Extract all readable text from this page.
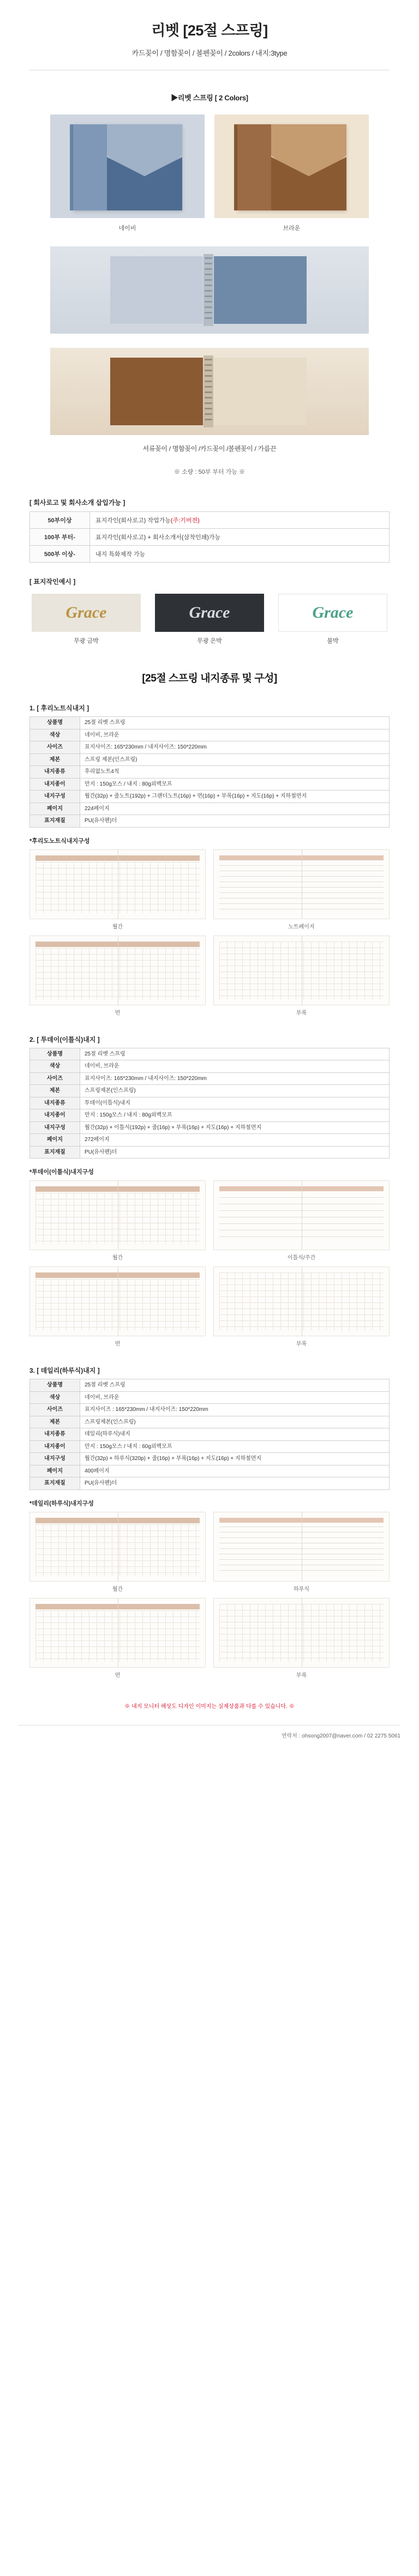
리벳 [25절 스프링]
카드꽂이 / 명함꽂이 / 볼펜꽂이 / 2colors / 내지:3type
▶리벳 스프링 [ 2 Colors]
네이비	브라운
서류꽂이 / 명함꽂이 /카드꽂이 /볼펜꽂이 / 가름끈
※ 소량 : 50부 부터 가능 ※
[ 회사로고 및 회사소개 삽입가능 ]
50부이상	표지각인(회사로고) 작업가능(주:기버젼)
100부 부터-	표지각인(회사로고) + 회사소개서(삼착인쇄)가능
500부 이상-	내지 특화제작 가능
[ 표지작인예시 ]
Grace
무광 금박
Grace
무광 은박
Grace
불박
[25절 스프링 내지종류 및 구성]
1. [ 후리노트식내지 ]
상품명	25절 리벳 스프링
색상	네이비, 브라운
사이즈	표지사이즈: 165*230mm / 내지사이즈: 150*220mm
제본	스프링 제본(인스프링)
내지종류	후리없노트4칙
내지종이	만지 : 150g모스 / 내지 : 80g외백모프
내지구성	월간(32p) + 줄노트(192p) + 그랜더노트(16p) + 먼(16p) + 부록(16p) + 지도(16p) + 지하철먼지
페이지	224페이지
표지재질	PU(유사펜)더
*후리도노트식내지구성
월간	노트페이지
먼	부록
2. [ 투데이(이틀식)내지 ]
상품명	25절 리벳 스프링
색상	네이비, 브라운
사이즈	표지사이즈: 165*230mm / 내지사이즈: 150*220mm
제본	스프링제본(인스프링)
내지종류	투데이(이틀식)내지
내지종이	만지 : 150g모스 / 내지 : 80g외백모프
내지구성	월간(32p) + 이틀식(192p) + 줄(16p) + 부록(16p) + 지도(16p) + 지하철먼지
페이지	272페이지
표지재질	PU(유사펜)더
*투데이(이틀식)내지구성
월간	이틀식/주간
먼	부록
3. [ 데일리(하루식)내지 ]
상품명	25절 리벳 스프링
색상	네이비, 브라운
사이즈	표지사이즈 : 165*230mm / 내지사이즈: 150*220mm
제본	스프링제본(인스프링)
내지종류	데일리(하루식)내지
내지종이	만지 : 150g모스 / 내지 : 60g외백모프
내지구성	월간(32p) + 하루식(320p) + 줄(16p) + 부록(16p) + 지도(16p) + 지하철먼지
페이지	400페이지
표지재질	PU(유사펜)더
*데일리(하루식)내지구성
월간	하루식
먼	부록
※ 내지 모니터 해상도 디자인 이미지는 실제상품과 다를 수 있습니다. ※
연락처 : ohsong2007@naver.com / 02 2275 5061
